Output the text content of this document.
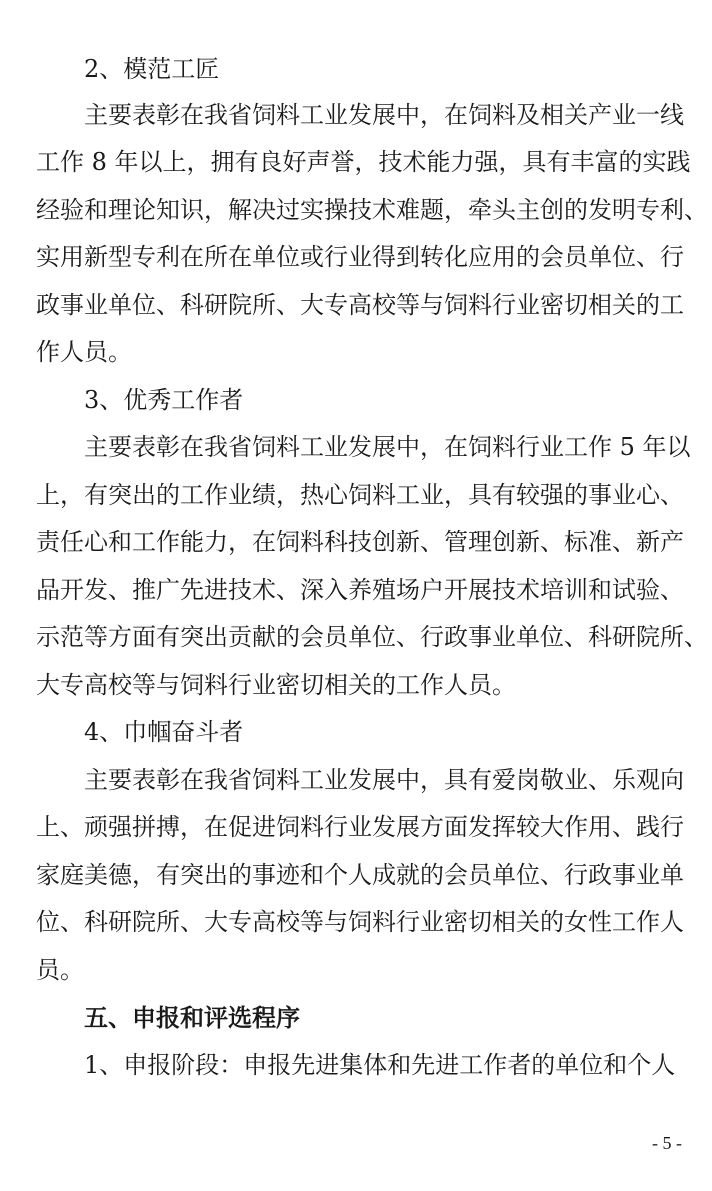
2、模范工匠
主要表彰在我省饲料工业发展中，在饲料及相关产业一线
工作 8 年以上，拥有良好声誉，技术能力强，具有丰富的实践
经验和理论知识，解决过实操技术难题，牵头主创的发明专利、
实用新型专利在所在单位或行业得到转化应用的会员单位、行
政事业单位、科研院所、大专高校等与饲料行业密切相关的工
作人员。
3、优秀工作者
主要表彰在我省饲料工业发展中，在饲料行业工作 5 年以
上，有突出的工作业绩，热心饲料工业，具有较强的事业心、
责任心和工作能力，在饲料科技创新、管理创新、标准、新产
品开发、推广先进技术、深入养殖场户开展技术培训和试验、
示范等方面有突出贡献的会员单位、行政事业单位、科研院所、
大专高校等与饲料行业密切相关的工作人员。
4、巾帼奋斗者
主要表彰在我省饲料工业发展中，具有爱岗敬业、乐观向
上、顽强拼搏，在促进饲料行业发展方面发挥较大作用、践行
家庭美德，有突出的事迹和个人成就的会员单位、行政事业单
位、科研院所、大专高校等与饲料行业密切相关的女性工作人
员。
五、申报和评选程序
1、申报阶段：申报先进集体和先进工作者的单位和个人
- 5 -
